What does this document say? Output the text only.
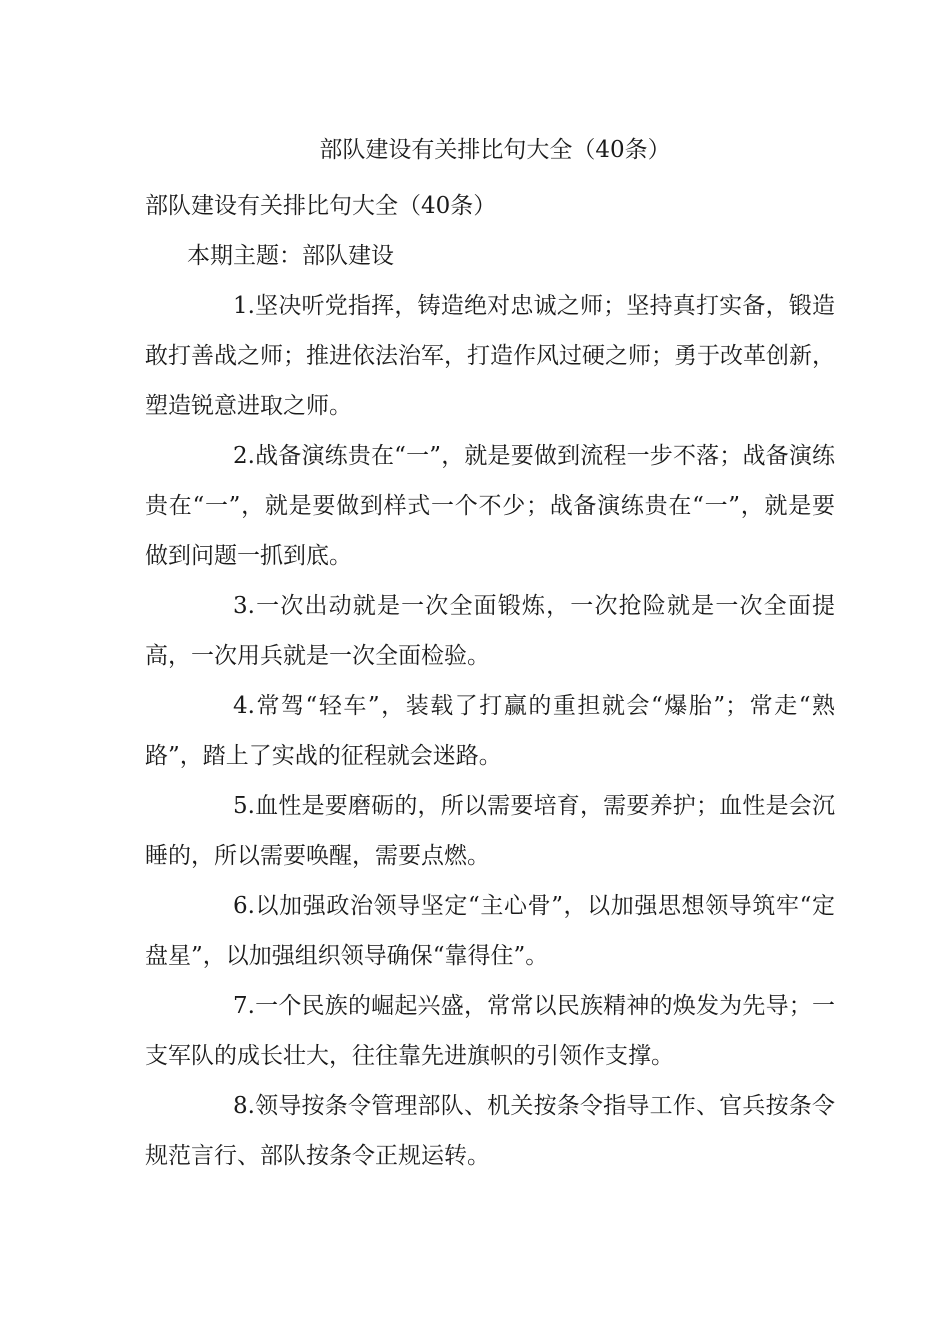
部队建设有关排比句大全（40条）

部队建设有关排比句大全（40条）

本期主题：部队建设

1.坚决听党指挥，铸造绝对忠诚之师；坚持真打实备，锻造敢打善战之师；推进依法治军，打造作风过硬之师；勇于改革创新，塑造锐意进取之师。

2.战备演练贵在“一”，就是要做到流程一步不落；战备演练贵在“一”，就是要做到样式一个不少；战备演练贵在“一”，就是要做到问题一抓到底。

3.一次出动就是一次全面锻炼，一次抢险就是一次全面提高，一次用兵就是一次全面检验。

4.常驾“轻车”，装载了打赢的重担就会“爆胎”；常走“熟路”，踏上了实战的征程就会迷路。

5.血性是要磨砺的，所以需要培育，需要养护；血性是会沉睡的，所以需要唤醒，需要点燃。

6.以加强政治领导坚定“主心骨”，以加强思想领导筑牢“定盘星”，以加强组织领导确保“靠得住”。

7.一个民族的崛起兴盛，常常以民族精神的焕发为先导；一支军队的成长壮大，往往靠先进旗帜的引领作支撑。

8.领导按条令管理部队、机关按条令指导工作、官兵按条令规范言行、部队按条令正规运转。
